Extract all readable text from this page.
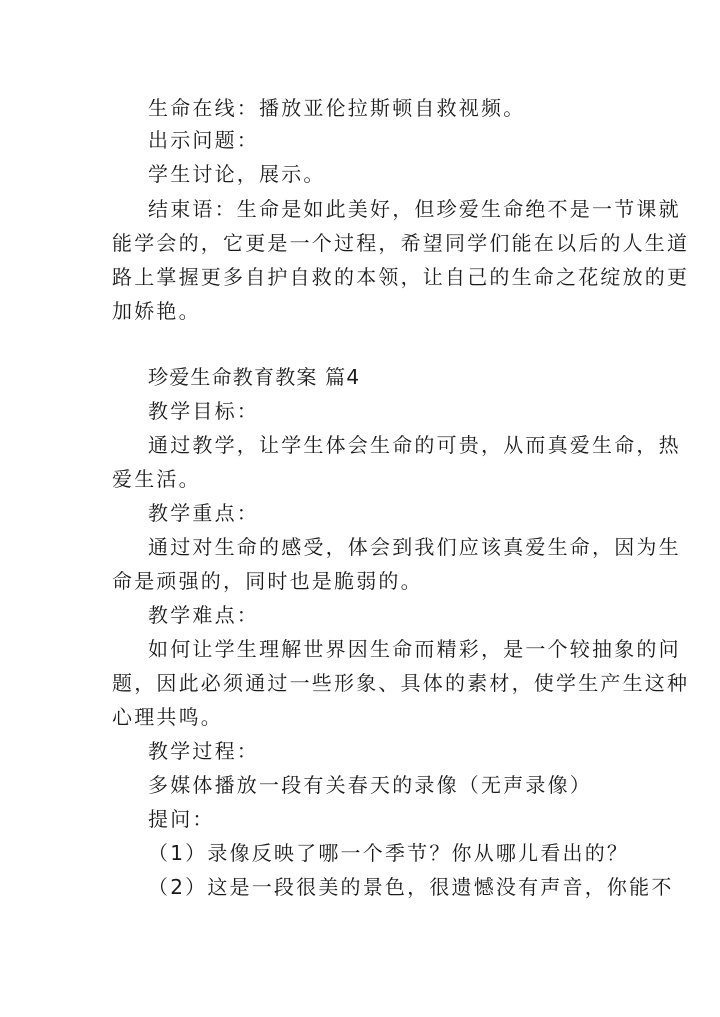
生命在线：播放亚伦拉斯顿自救视频。
出示问题：
学生讨论，展示。
结束语：生命是如此美好，但珍爱生命绝不是一节课就
能学会的，它更是一个过程，希望同学们能在以后的人生道
路上掌握更多自护自救的本领，让自己的生命之花绽放的更
加娇艳。
珍爱生命教育教案 篇4
教学目标：
通过教学，让学生体会生命的可贵，从而真爱生命，热
爱生活。
教学重点：
通过对生命的感受，体会到我们应该真爱生命，因为生
命是顽强的，同时也是脆弱的。
教学难点：
如何让学生理解世界因生命而精彩，是一个较抽象的问
题，因此必须通过一些形象、具体的素材，使学生产生这种
心理共鸣。
教学过程：
多媒体播放一段有关春天的录像（无声录像）
提问：
（1）录像反映了哪一个季节？你从哪儿看出的？
（2）这是一段很美的景色，很遗憾没有声音，你能不
